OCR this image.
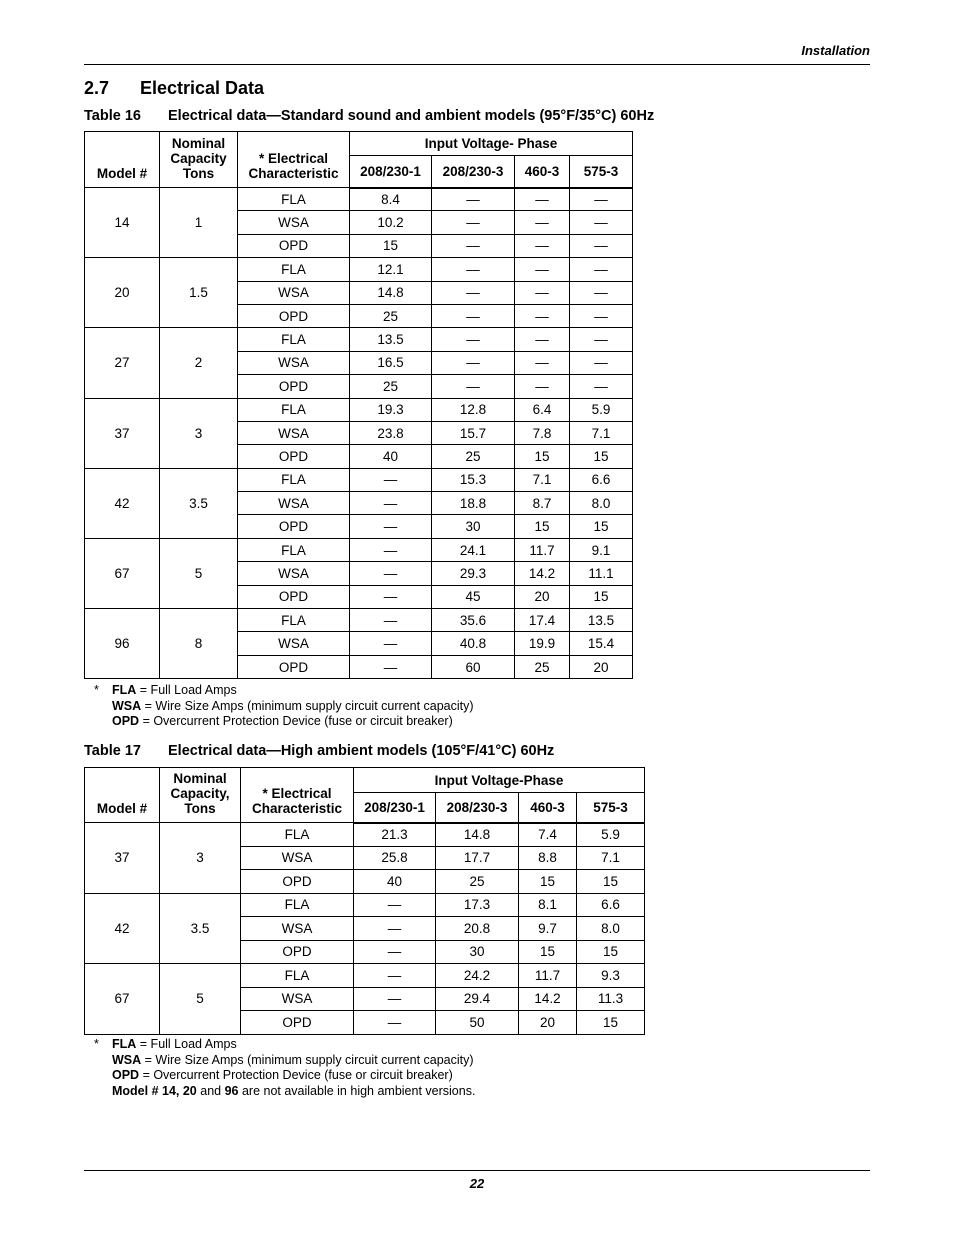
Installation
2.7 Electrical Data
Table 16 Electrical data—Standard sound and ambient models (95°F/35°C) 60Hz
Model #	Nominal Capacity Tons	* Electrical Characteristic	Input Voltage- Phase			
			208/230-1	208/230-3	460-3	575-3
14	1	FLA	8.4	—	—	—
		WSA	10.2	—	—	—
		OPD	15	—	—	—
20	1.5	FLA	12.1	—	—	—
		WSA	14.8	—	—	—
		OPD	25	—	—	—
27	2	FLA	13.5	—	—	—
		WSA	16.5	—	—	—
		OPD	25	—	—	—
37	3	FLA	19.3	12.8	6.4	5.9
		WSA	23.8	15.7	7.8	7.1
		OPD	40	25	15	15
42	3.5	FLA	—	15.3	7.1	6.6
		WSA	—	18.8	8.7	8.0
		OPD	—	30	15	15
67	5	FLA	—	24.1	11.7	9.1
		WSA	—	29.3	14.2	11.1
		OPD	—	45	20	15
96	8	FLA	—	35.6	17.4	13.5
		WSA	—	40.8	19.9	15.4
		OPD	—	60	25	20
* FLA = Full Load Amps
WSA = Wire Size Amps (minimum supply circuit current capacity)
OPD = Overcurrent Protection Device (fuse or circuit breaker)
Table 17 Electrical data—High ambient models (105°F/41°C) 60Hz
Model #	Nominal Capacity, Tons	* Electrical Characteristic	Input Voltage-Phase			
			208/230-1	208/230-3	460-3	575-3
37	3	FLA	21.3	14.8	7.4	5.9
		WSA	25.8	17.7	8.8	7.1
		OPD	40	25	15	15
42	3.5	FLA	—	17.3	8.1	6.6
		WSA	—	20.8	9.7	8.0
		OPD	—	30	15	15
67	5	FLA	—	24.2	11.7	9.3
		WSA	—	29.4	14.2	11.3
		OPD	—	50	20	15
* FLA = Full Load Amps
WSA = Wire Size Amps (minimum supply circuit current capacity)
OPD = Overcurrent Protection Device (fuse or circuit breaker)
Model # 14, 20 and 96 are not available in high ambient versions.
22
